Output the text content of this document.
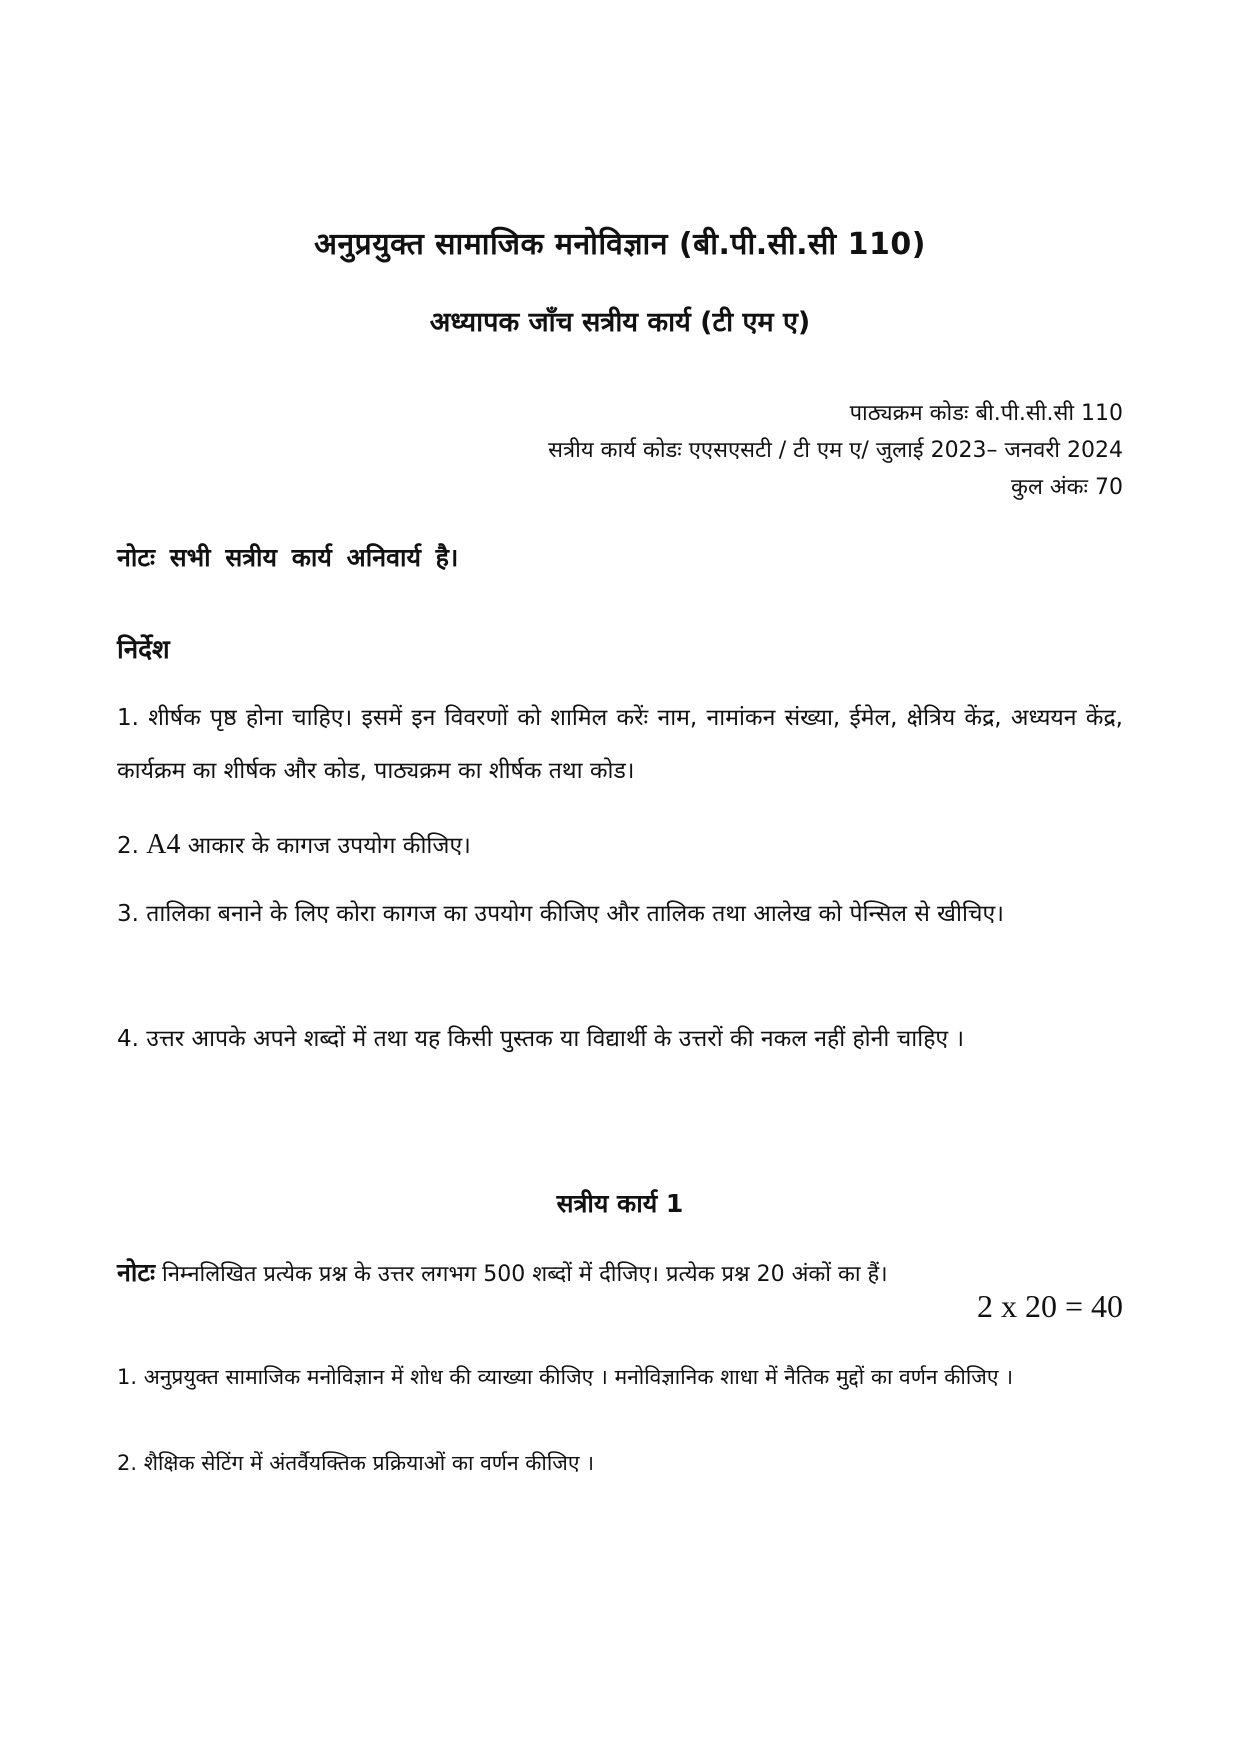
अनुप्रयुक्त सामाजिक मनोविज्ञान (बी.पी.सी.सी 110)
अध्यापक जाँच सत्रीय कार्य (टी एम ए)
पाठ्यक्रम कोडः बी.पी.सी.सी 110
सत्रीय कार्य कोडः एएसएसटी / टी एम ए/ जुलाई 2023– जनवरी 2024
कुल अंकः 70
नोटः सभी सत्रीय कार्य अनिवार्य है।
निर्देश
1. शीर्षक पृष्ठ होना चाहिए। इसमें इन विवरणों को शामिल करेंः नाम, नामांकन संख्या, ईमेल, क्षेत्रिय केंद्र, अध्ययन केंद्र, कार्यक्रम का शीर्षक और कोड, पाठ्यक्रम का शीर्षक तथा कोड।
2. A4 आकार के कागज उपयोग कीजिए।
3. तालिका बनाने के लिए कोरा कागज का उपयोग कीजिए और तालिक तथा आलेख को पेन्सिल से खीचिए।
4. उत्तर आपके अपने शब्दों में तथा यह किसी पुस्तक या विद्यार्थी के उत्तरों की नकल नहीं होनी चाहिए ।
सत्रीय कार्य 1
नोटः निम्नलिखित प्रत्येक प्रश्न के उत्तर लगभग 500 शब्दों में दीजिए। प्रत्येक प्रश्न 20 अंकों का हैं।
2 x 20 = 40
1. अनुप्रयुक्त सामाजिक मनोविज्ञान में शोध की व्याख्या कीजिए । मनोविज्ञानिक शाधा में नैतिक मुद्दों का वर्णन कीजिए ।
2. शैक्षिक सेटिंग में अंतर्वैयक्तिक प्रक्रियाओं का वर्णन कीजिए ।
